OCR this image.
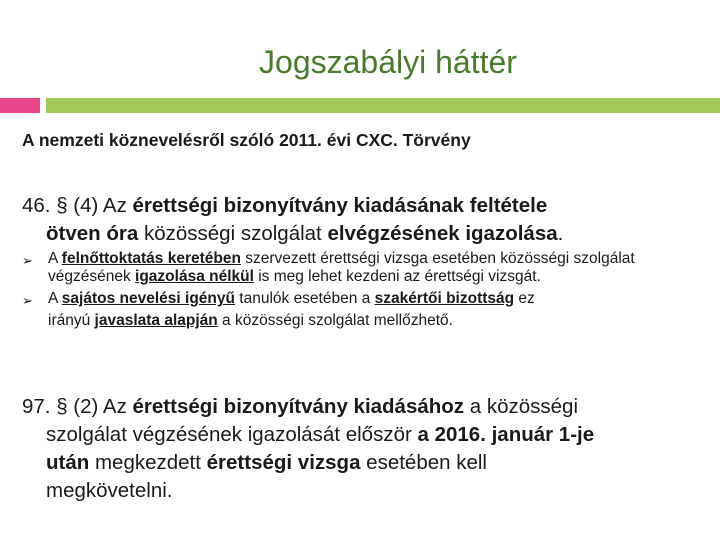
Jogszabályi háttér
A nemzeti köznevelésről szóló 2011. évi CXC. Törvény
46. § (4) Az érettségi bizonyítvány kiadásának feltétele
ötven óra közösségi szolgálat elvégzésének igazolása.
➢ A felnőttoktatás keretében szervezett érettségi vizsga esetében közösségi szolgálat végzésének igazolása nélkül is meg lehet kezdeni az érettségi vizsgát.
➢ A sajátos nevelési igényű tanulók esetében a szakértői bizottság ez
irányú javaslata alapján a közösségi szolgálat mellőzhető.
97. § (2) Az érettségi bizonyítvány kiadásához a közösségi
szolgálat végzésének igazolását először a 2016. január 1-je
után megkezdett érettségi vizsga esetében kell
megkövetelni.
